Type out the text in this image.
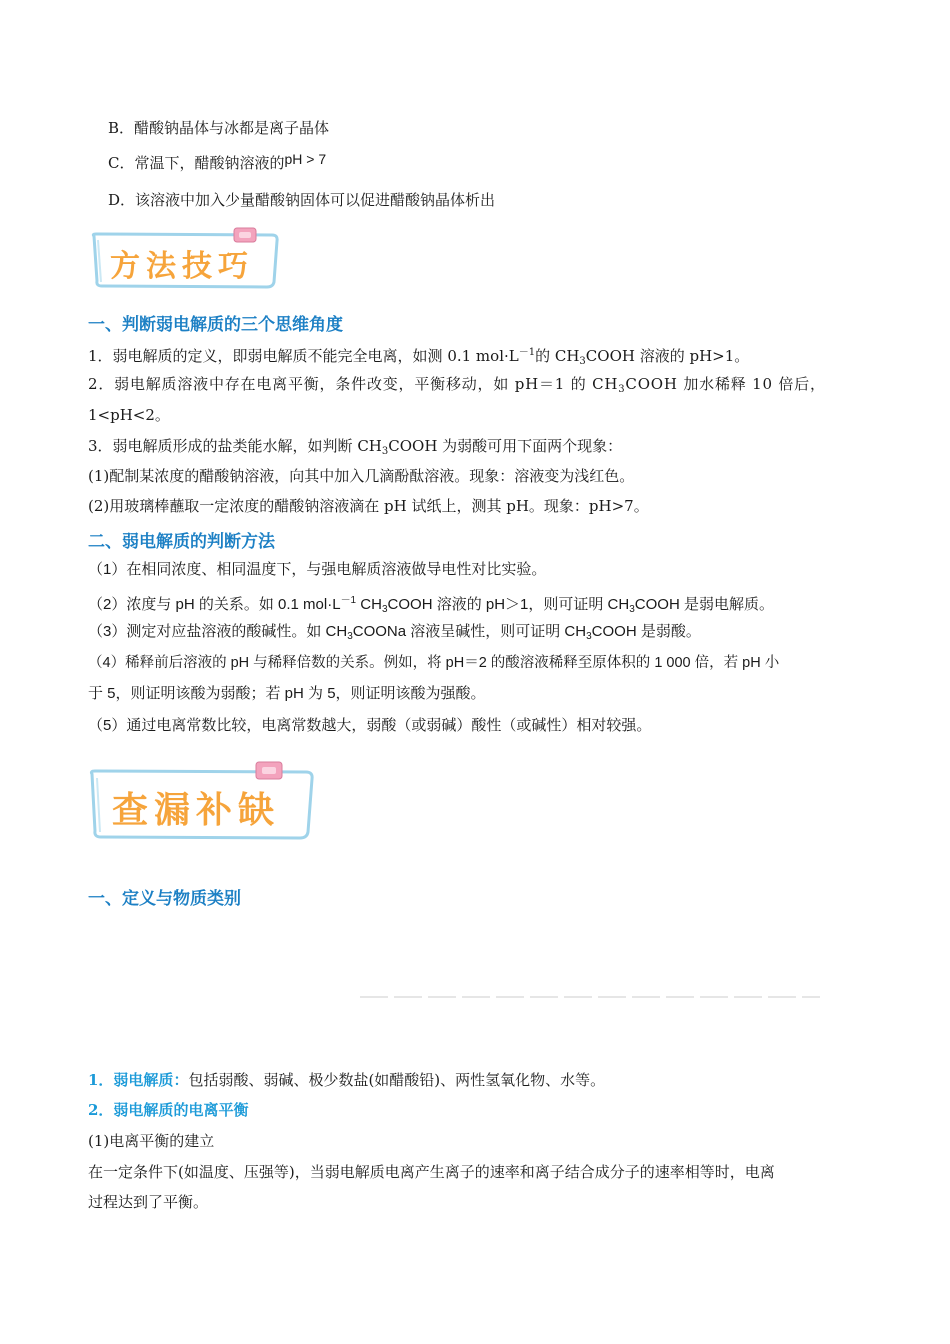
B．醋酸钠晶体与冰都是离子晶体
C．常温下，醋酸钠溶液的pH > 7
D．该溶液中加入少量醋酸钠固体可以促进醋酸钠晶体析出
方法技巧
一、判断弱电解质的三个思维角度
1．弱电解质的定义，即弱电解质不能完全电离，如测 0.1 $mol\cdot L^{-1}$的 $CH_3COOH$ 溶液的 pH>1。
2．弱电解质溶液中存在电离平衡，条件改变，平衡移动，如 pH＝1 的 $CH_3COOH$ 加水稀释 10 倍后，
1<pH<2。
3．弱电解质形成的盐类能水解，如判断 $CH_3COOH$ 为弱酸可用下面两个现象：
(1)配制某浓度的醋酸钠溶液，向其中加入几滴酚酞溶液。现象：溶液变为浅红色。
(2)用玻璃棒蘸取一定浓度的醋酸钠溶液滴在 pH 试纸上，测其 pH。现象：pH>7。
二、弱电解质的判断方法
（1）在相同浓度、相同温度下，与强电解质溶液做导电性对比实验。
（2）浓度与 pH 的关系。如 0.1 $mol\cdot L^{-1}$ $CH_3COOH$ 溶液的 pH＞1，则可证明 $CH_3COOH$ 是弱电解质。
（3）测定对应盐溶液的酸碱性。如 $CH_3COONa$ 溶液呈碱性，则可证明 $CH_3COOH$ 是弱酸。
（4）稀释前后溶液的 pH 与稀释倍数的关系。例如，将 pH＝2 的酸溶液稀释至原体积的 1 000 倍，若 pH 小
于 5，则证明该酸为弱酸；若 pH 为 5，则证明该酸为强酸。
（5）通过电离常数比较，电离常数越大，弱酸（或弱碱）酸性（或碱性）相对较强。
查漏补缺
一、定义与物质类别
1．弱电解质：包括弱酸、弱碱、极少数盐(如醋酸铅)、两性氢氧化物、水等。
2．弱电解质的电离平衡
(1)电离平衡的建立
在一定条件下(如温度、压强等)，当弱电解质电离产生离子的速率和离子结合成分子的速率相等时，电离
过程达到了平衡。
